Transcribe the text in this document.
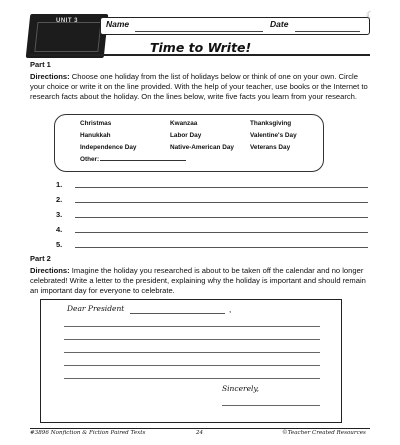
UNIT 3	Name	Date
☾
Time to Write!
Part 1
Directions: Choose one holiday from the list of holidays below or think of one on your own. Circle your choice or write it on the line provided. With the help of your teacher, use books or the Internet to research facts about the holiday. On the lines below, write five facts you learn from your research.
Christmas	Kwanzaa	Thanksgiving
Hanukkah	Labor Day	Valentine's Day
Independence Day	Native-American Day	Veterans Day
Other:
1.
2.
3.
4.
5.
Part 2
Directions: Imagine the holiday you researched is about to be taken off the calendar and no longer celebrated! Write a letter to the president, explaining why the holiday is important and should remain an important day for everyone to celebrate.
Dear President	,
Sincerely,
#3896 Nonfiction & Fiction Paired Texts	24	©Teacher Created Resources
